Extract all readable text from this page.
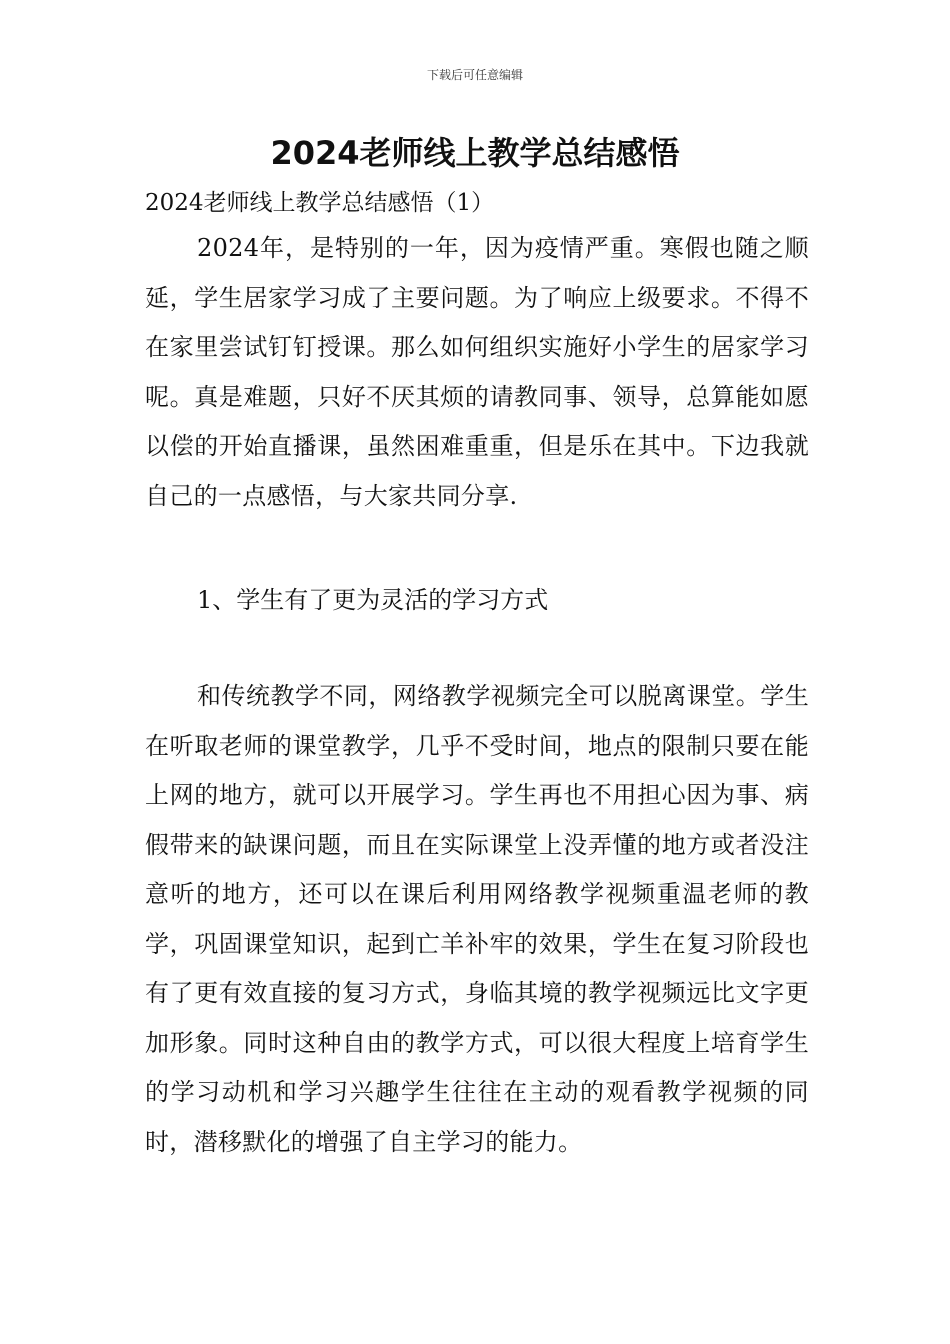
下载后可任意编辑
2024老师线上教学总结感悟
2024老师线上教学总结感悟（1）

2024年，是特别的一年，因为疫情严重。寒假也随之顺延，学生居家学习成了主要问题。为了响应上级要求。不得不在家里尝试钉钉授课。那么如何组织实施好小学生的居家学习呢。真是难题，只好不厌其烦的请教同事、领导，总算能如愿以偿的开始直播课，虽然困难重重，但是乐在其中。下边我就自己的一点感悟，与大家共同分享.

1、学生有了更为灵活的学习方式

和传统教学不同，网络教学视频完全可以脱离课堂。学生在听取老师的课堂教学，几乎不受时间，地点的限制只要在能上网的地方，就可以开展学习。学生再也不用担心因为事、病假带来的缺课问题，而且在实际课堂上没弄懂的地方或者没注意听的地方，还可以在课后利用网络教学视频重温老师的教学，巩固课堂知识，起到亡羊补牢的效果，学生在复习阶段也有了更有效直接的复习方式，身临其境的教学视频远比文字更加形象。同时这种自由的教学方式，可以很大程度上培育学生的学习动机和学习兴趣学生往往在主动的观看教学视频的同时，潜移默化的增强了自主学习的能力。
